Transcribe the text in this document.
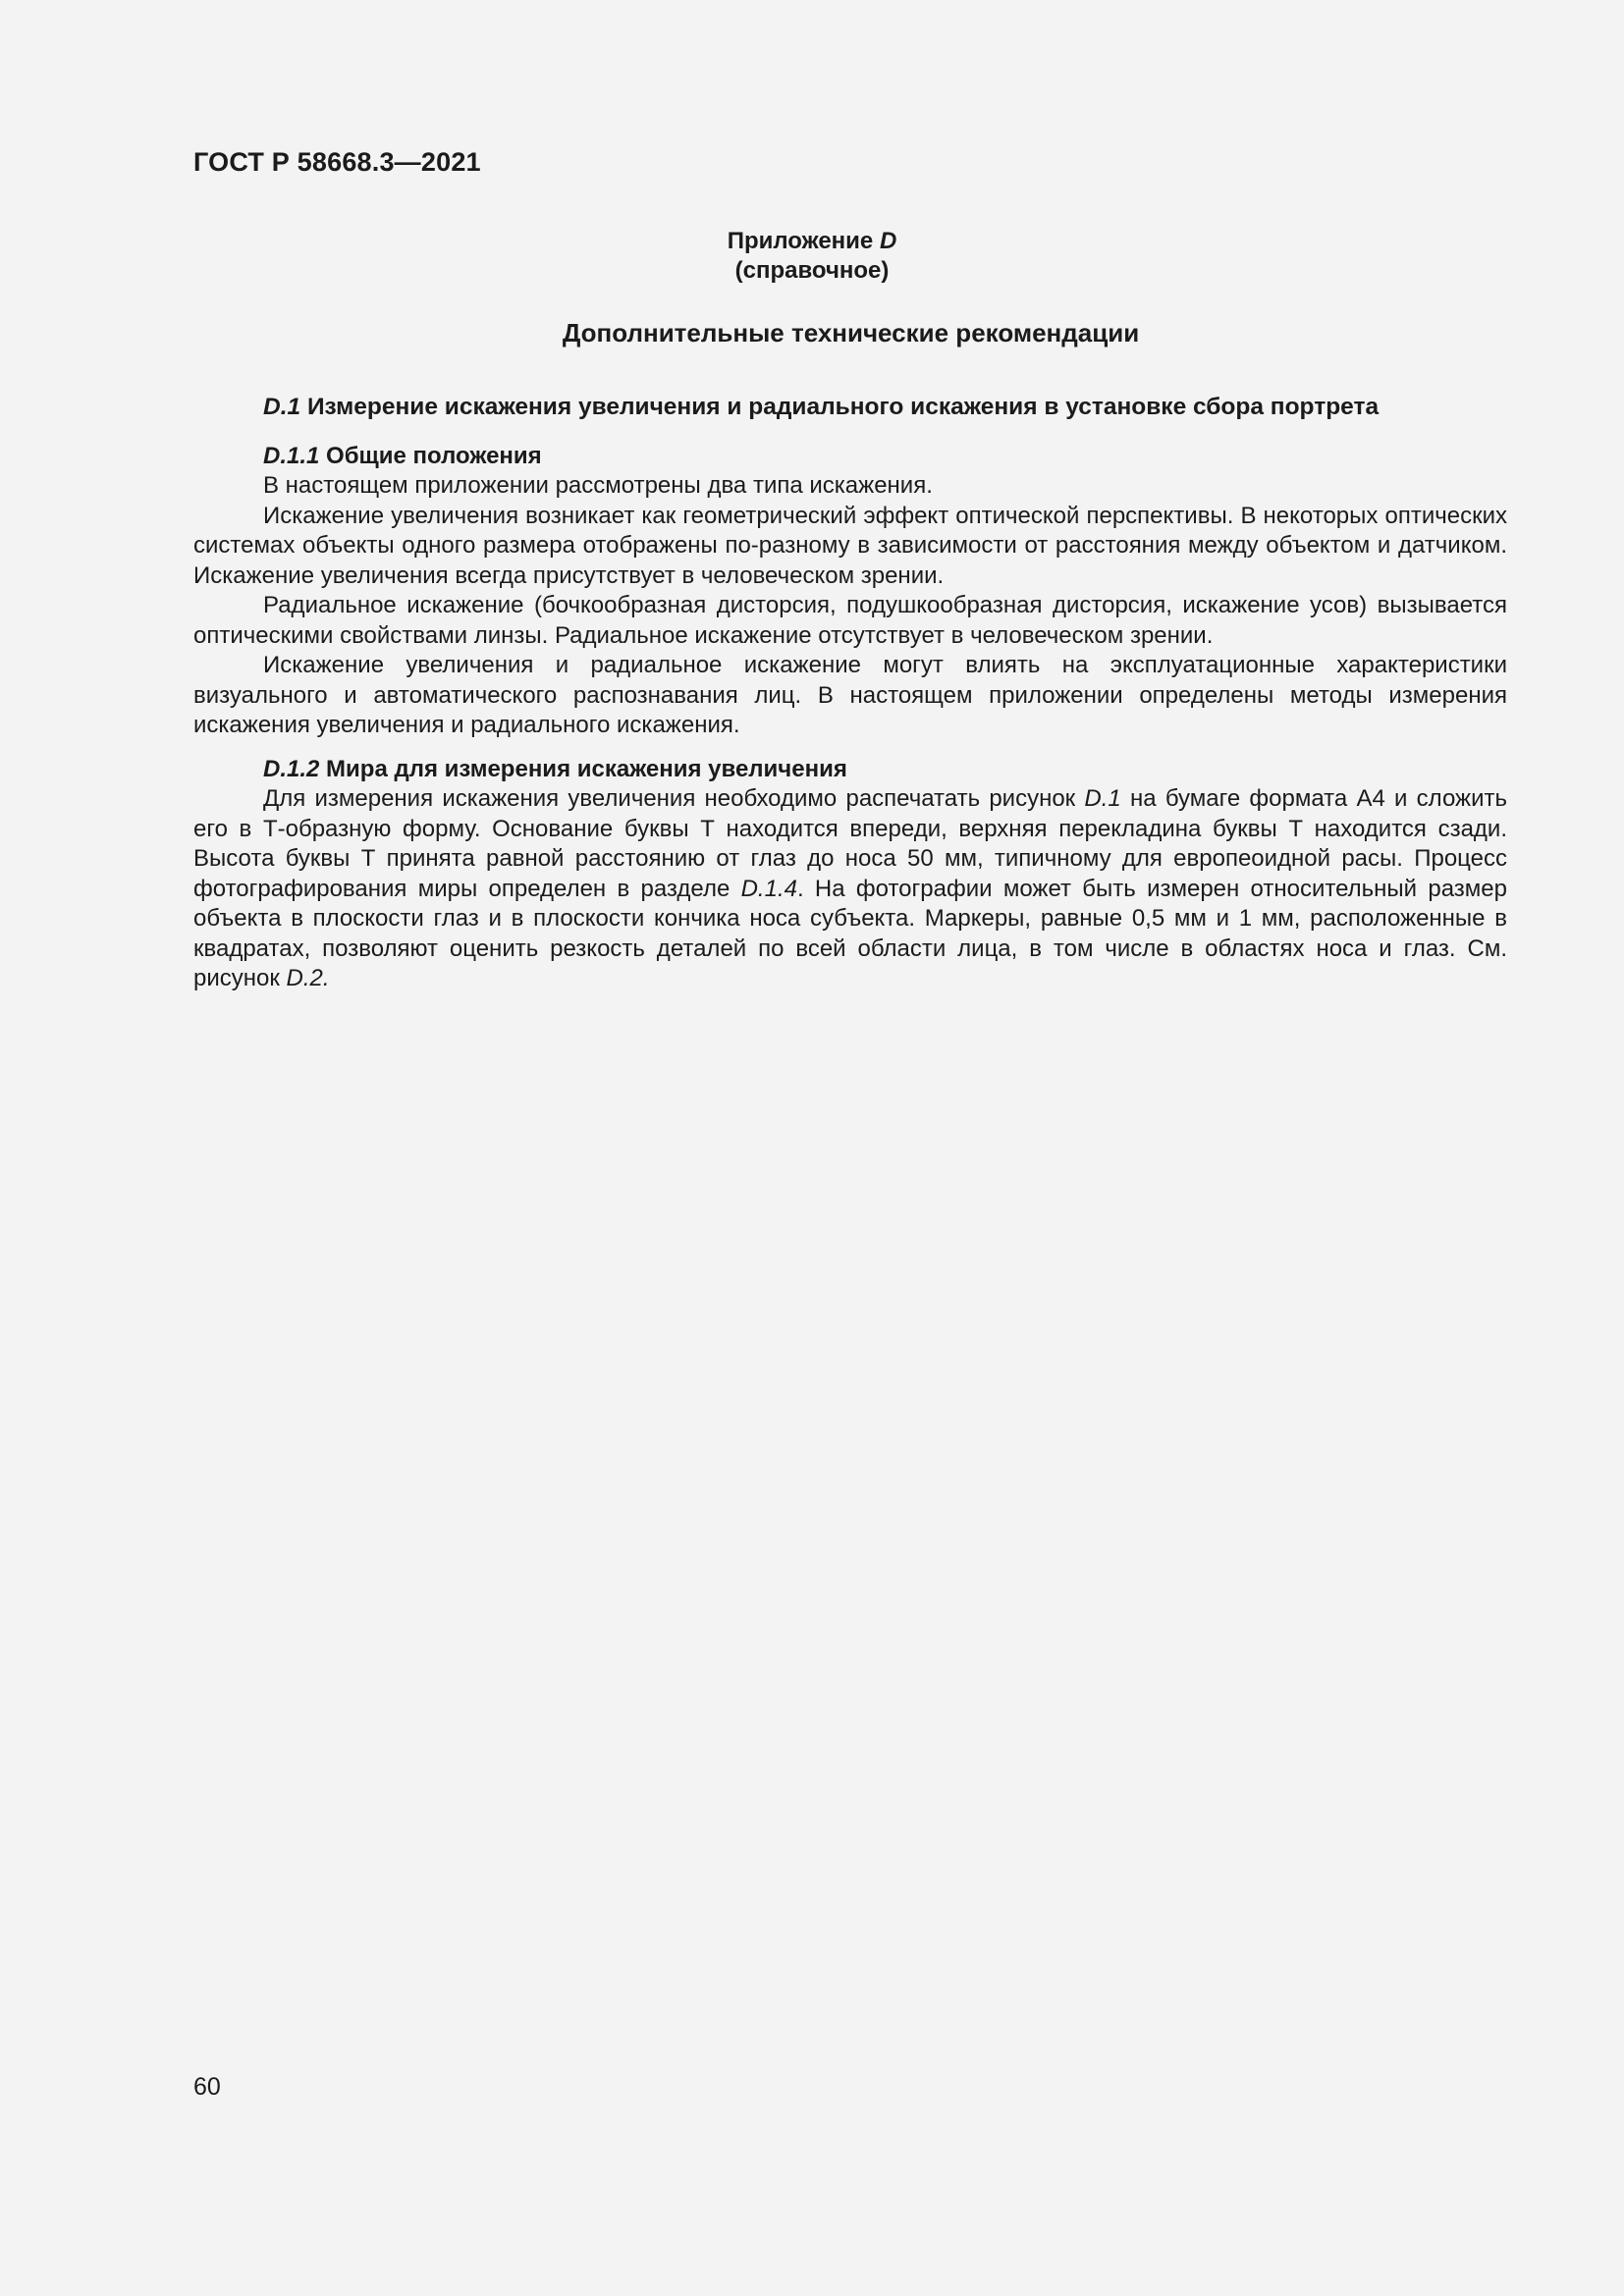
ГОСТ Р 58668.3—2021

Приложение D

(справочное)

Дополнительные технические рекомендации

D.1 Измерение искажения увеличения и радиального искажения в установке сбора портрета
D.1.1 Общие положения

В настоящем приложении рассмотрены два типа искажения.

Искажение увеличения возникает как геометрический эффект оптической перспективы. В некоторых оптических системах объекты одного размера отображены по-разному в зависимости от расстояния между объектом и датчиком. Искажение увеличения всегда присутствует в человеческом зрении.

Радиальное искажение (бочкообразная дисторсия, подушкообразная дисторсия, искажение усов) вызывается оптическими свойствами линзы. Радиальное искажение отсутствует в человеческом зрении.

Искажение увеличения и радиальное искажение могут влиять на эксплуатационные характеристики визуального и автоматического распознавания лиц. В настоящем приложении определены методы измерения искажения увеличения и радиального искажения.

D.1.2 Мира для измерения искажения увеличения

Для измерения искажения увеличения необходимо распечатать рисунок D.1 на бумаге формата А4 и сложить его в Т-образную форму. Основание буквы Т находится впереди, верхняя перекладина буквы Т находится сзади. Высота буквы Т принята равной расстоянию от глаз до носа 50 мм, типичному для европеоидной расы. Процесс фотографирования миры определен в разделе D.1.4. На фотографии может быть измерен относительный размер объекта в плоскости глаз и в плоскости кончика носа субъекта. Маркеры, равные 0,5 мм и 1 мм, расположенные в квадратах, позволяют оценить резкость деталей по всей области лица, в том числе в областях носа и глаз. См. рисунок D.2.

60
